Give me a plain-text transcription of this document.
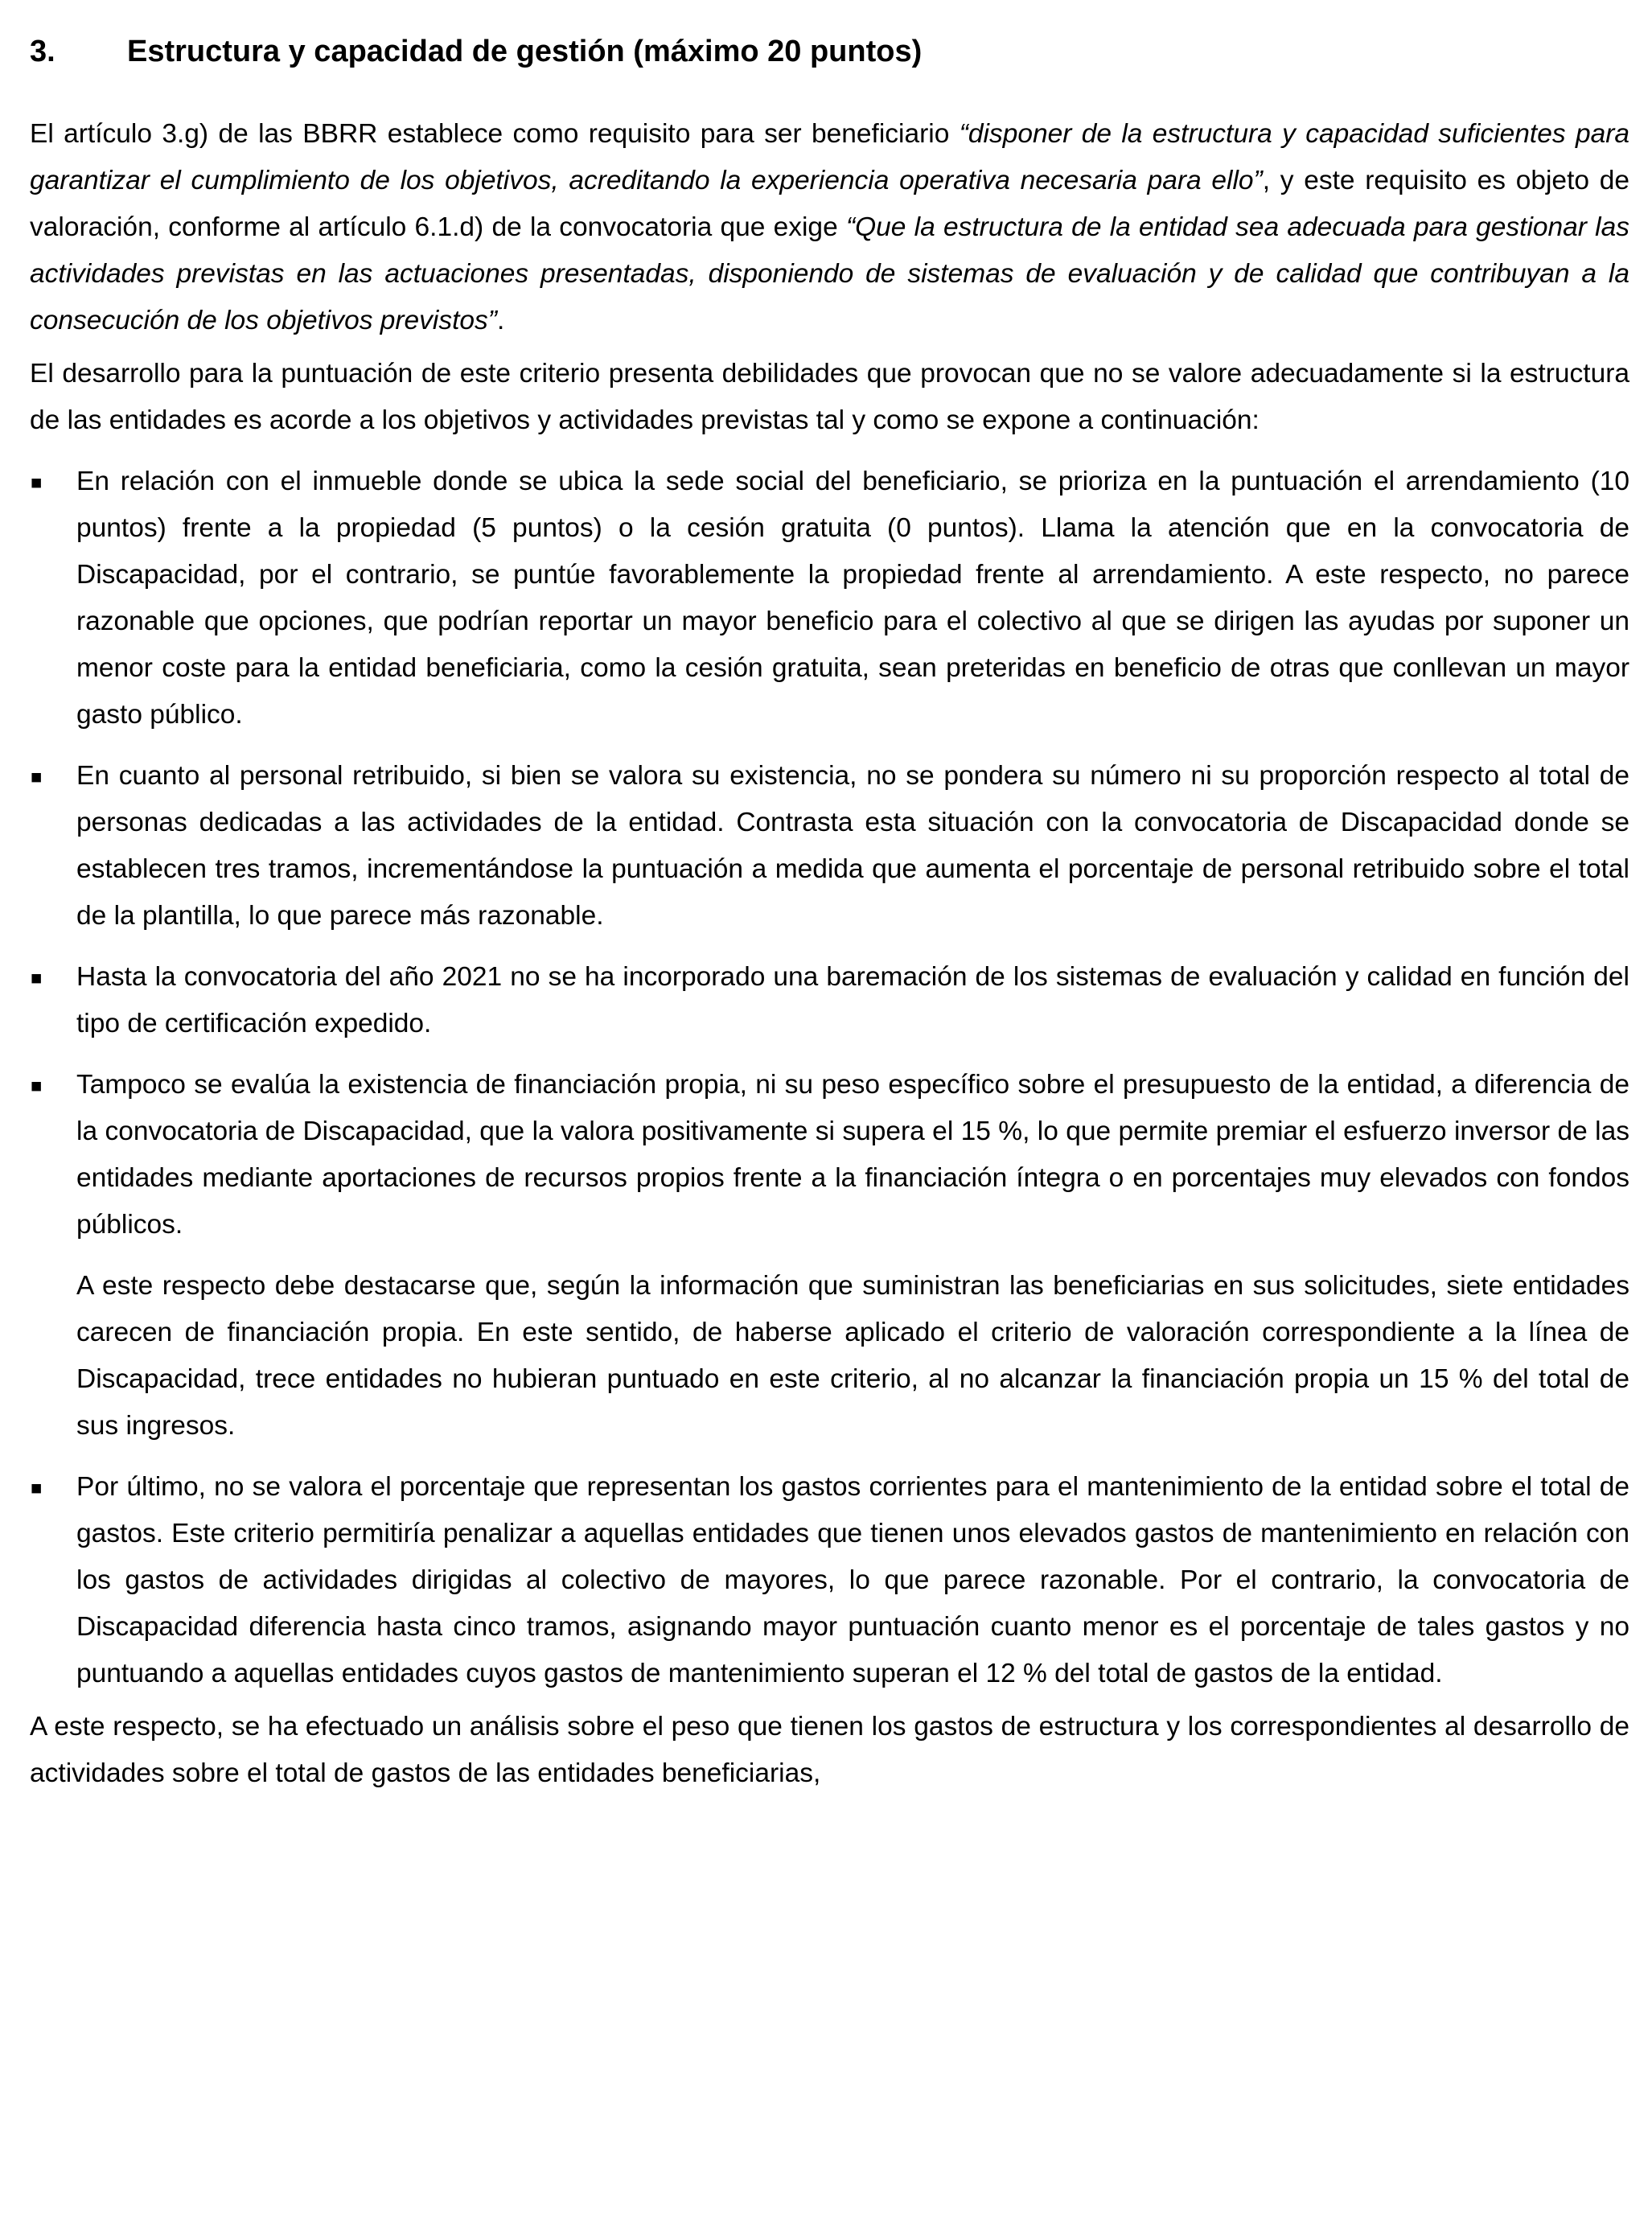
3.	Estructura y capacidad de gestión (máximo 20 puntos)

El artículo 3.g) de las BBRR establece como requisito para ser beneficiario “disponer de la estructura y capacidad suficientes para garantizar el cumplimiento de los objetivos, acreditando la experiencia operativa necesaria para ello”, y este requisito es objeto de valoración, conforme al artículo 6.1.d) de la convocatoria que exige “Que la estructura de la entidad sea adecuada para gestionar las actividades previstas en las actuaciones presentadas, disponiendo de sistemas de evaluación y de calidad que contribuyan a la consecución de los objetivos previstos”.

El desarrollo para la puntuación de este criterio presenta debilidades que provocan que no se valore adecuadamente si la estructura de las entidades es acorde a los objetivos y actividades previstas tal y como se expone a continuación:

▪	En relación con el inmueble donde se ubica la sede social del beneficiario, se prioriza en la puntuación el arrendamiento (10 puntos) frente a la propiedad (5 puntos) o la cesión gratuita (0 puntos). Llama la atención que en la convocatoria de Discapacidad, por el contrario, se puntúe favorablemente la propiedad frente al arrendamiento. A este respecto, no parece razonable que opciones, que podrían reportar un mayor beneficio para el colectivo al que se dirigen las ayudas por suponer un menor coste para la entidad beneficiaria, como la cesión gratuita, sean preteridas en beneficio de otras que conllevan un mayor gasto público.

▪	En cuanto al personal retribuido, si bien se valora su existencia, no se pondera su número ni su proporción respecto al total de personas dedicadas a las actividades de la entidad. Contrasta esta situación con la convocatoria de Discapacidad donde se establecen tres tramos, incrementándose la puntuación a medida que aumenta el porcentaje de personal retribuido sobre el total de la plantilla, lo que parece más razonable.

▪	Hasta la convocatoria del año 2021 no se ha incorporado una baremación de los sistemas de evaluación y calidad en función del tipo de certificación expedido.

▪	Tampoco se evalúa la existencia de financiación propia, ni su peso específico sobre el presupuesto de la entidad, a diferencia de la convocatoria de Discapacidad, que la valora positivamente si supera el 15 %, lo que permite premiar el esfuerzo inversor de las entidades mediante aportaciones de recursos propios frente a la financiación íntegra o en porcentajes muy elevados con fondos públicos.

A este respecto debe destacarse que, según la información que suministran las beneficiarias en sus solicitudes, siete entidades carecen de financiación propia. En este sentido, de haberse aplicado el criterio de valoración correspondiente a la línea de Discapacidad, trece entidades no hubieran puntuado en este criterio, al no alcanzar la financiación propia un 15 % del total de sus ingresos.

▪	Por último, no se valora el porcentaje que representan los gastos corrientes para el mantenimiento de la entidad sobre el total de gastos. Este criterio permitiría penalizar a aquellas entidades que tienen unos elevados gastos de mantenimiento en relación con los gastos de actividades dirigidas al colectivo de mayores, lo que parece razonable. Por el contrario, la convocatoria de Discapacidad diferencia hasta cinco tramos, asignando mayor puntuación cuanto menor es el porcentaje de tales gastos y no puntuando a aquellas entidades cuyos gastos de mantenimiento superan el 12 % del total de gastos de la entidad.

A este respecto, se ha efectuado un análisis sobre el peso que tienen los gastos de estructura y los correspondientes al desarrollo de actividades sobre el total de gastos de las entidades beneficiarias,
